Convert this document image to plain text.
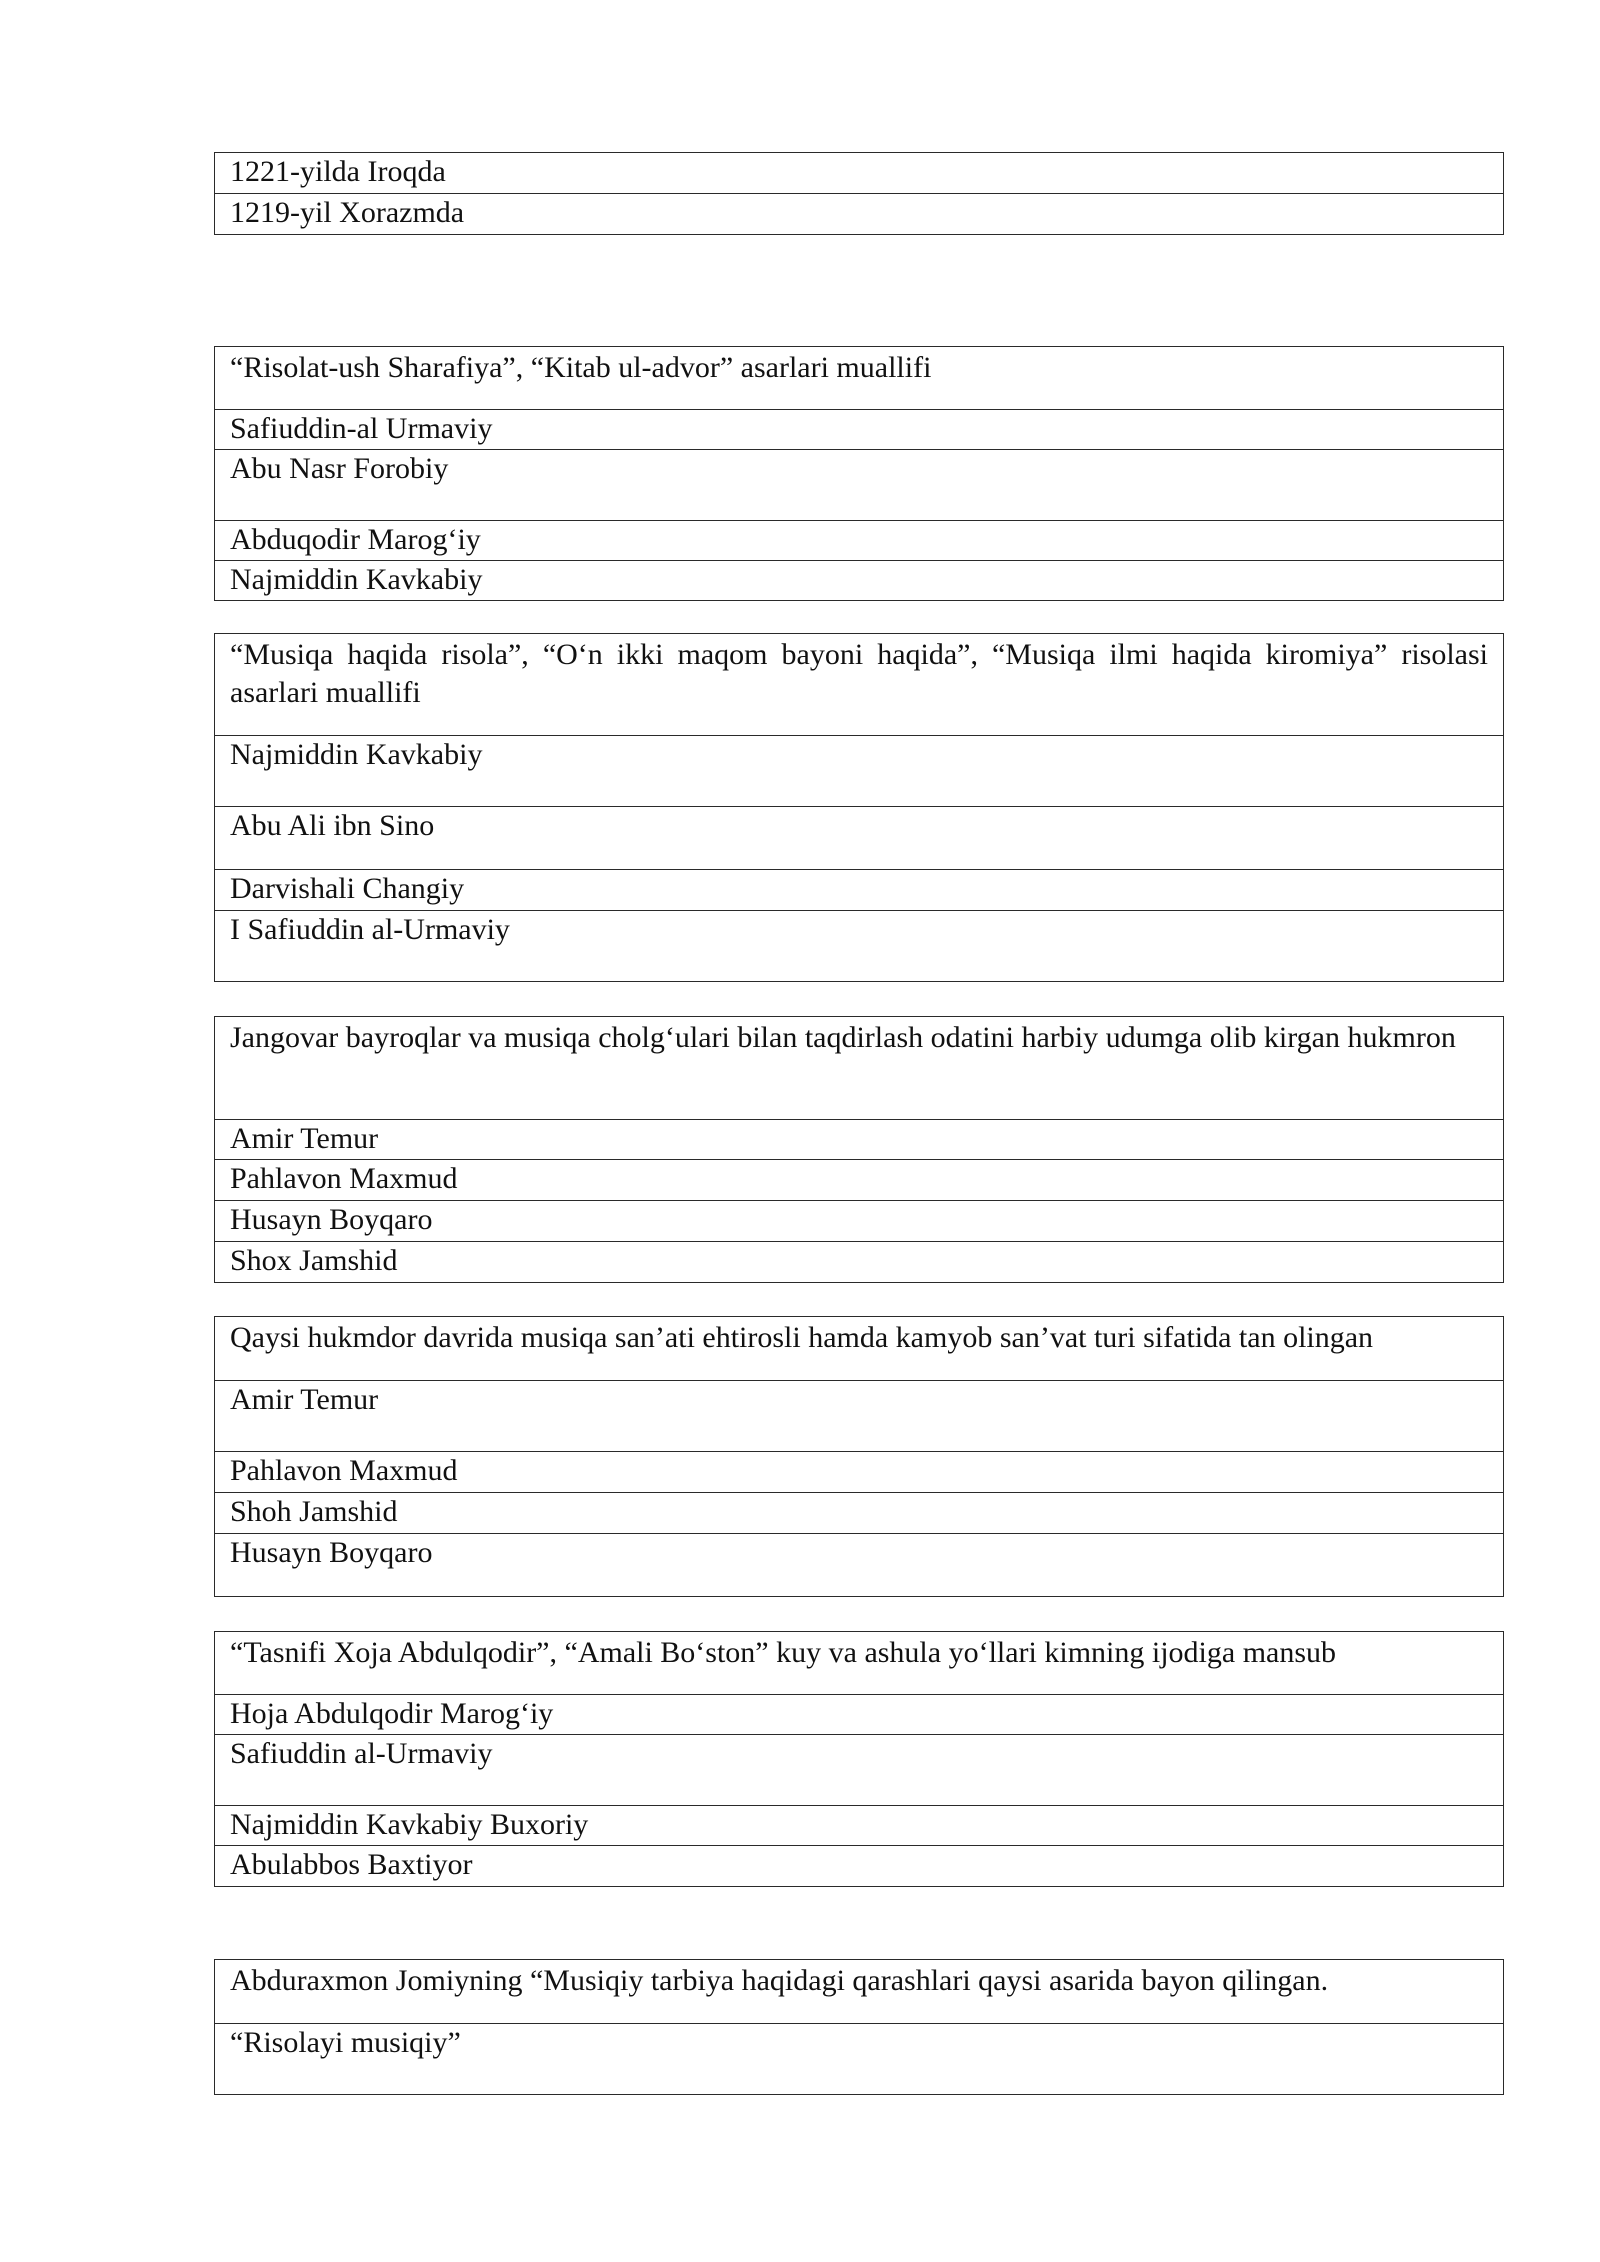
1221-yilda Iroqda
1219-yil Xorazmda
“Risolat-ush Sharafiya”, “Kitab ul-advor” asarlari muallifi
Safiuddin-al Urmaviy
Abu Nasr Forobiy
Abduqodir Marog‘iy
Najmiddin Kavkabiy
“Musiqa haqida risola”, “O‘n ikki maqom bayoni haqida”, “Musiqa ilmi haqida kiromiya” risolasi asarlari muallifi
Najmiddin Kavkabiy
Abu Ali ibn Sino
Darvishali Changiy
I Safiuddin al-Urmaviy
Jangovar bayroqlar va musiqa cholg‘ulari bilan taqdirlash odatini harbiy udumga olib kirgan hukmron
Amir Temur
Pahlavon Maxmud
Husayn Boyqaro
Shox Jamshid
Qaysi hukmdor davrida musiqa san’ati ehtirosli hamda kamyob san’vat turi sifatida tan olingan
Amir Temur
Pahlavon Maxmud
Shoh Jamshid
Husayn Boyqaro
“Tasnifi Xoja Abdulqodir”, “Amali Bo‘ston” kuy va ashula yo‘llari kimning ijodiga mansub
Hoja Abdulqodir Marog‘iy
Safiuddin al-Urmaviy
Najmiddin Kavkabiy Buxoriy
Abulabbos Baxtiyor
Abduraxmon Jomiyning “Musiqiy tarbiya haqidagi qarashlari qaysi asarida bayon qilingan.
“Risolayi musiqiy”
